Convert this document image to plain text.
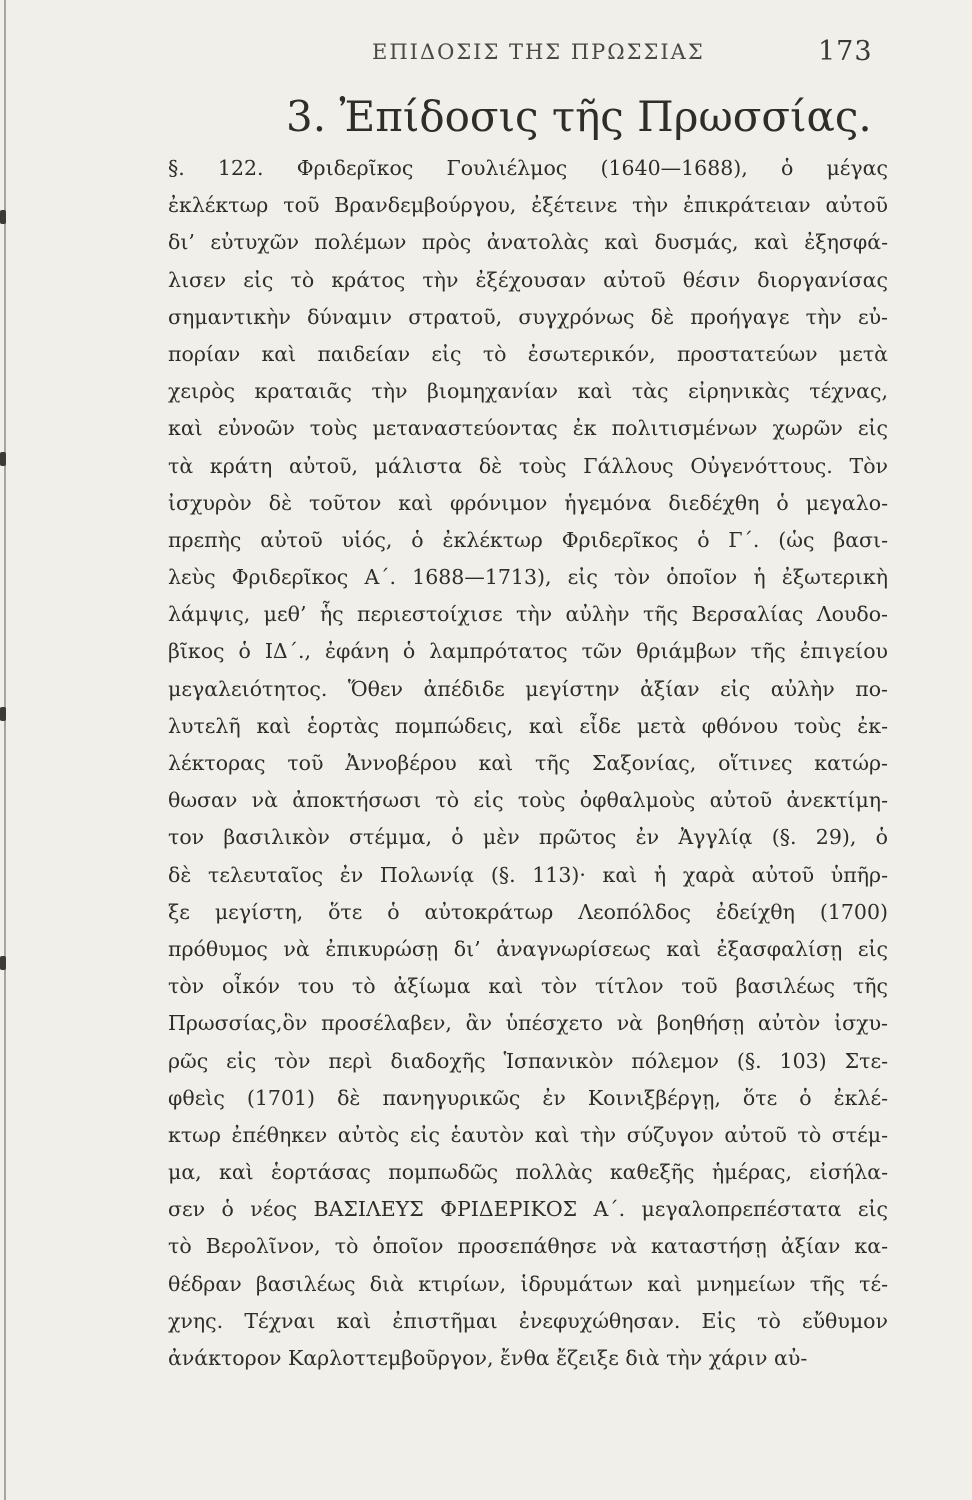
ΕΠΙΔΟΣΙΣ ΤΗΣ ΠΡΩΣΣΙΑΣ	173
3. Ἐπίδοσις τῆς Πρωσσίας.
§. 122. Φριδερῖκος Γουλιέλμος (1640—1688), ὁ μέγας
ἐκλέκτωρ τοῦ Βρανδεμβούργου, ἐξέτεινε τὴν ἐπικράτειαν αὐτοῦ
δι’ εὐτυχῶν πολέμων πρὸς ἀνατολὰς καὶ δυσμάς, καὶ ἐξησφά-
λισεν εἰς τὸ κράτος τὴν ἐξέχουσαν αὐτοῦ θέσιν διοργανίσας
σημαντικὴν δύναμιν στρατοῦ, συγχρόνως δὲ προήγαγε τὴν εὐ-
πορίαν καὶ παιδείαν εἰς τὸ ἐσωτερικόν, προστατεύων μετὰ
χειρὸς κραταιᾶς τὴν βιομηχανίαν καὶ τὰς εἰρηνικὰς τέχνας,
καὶ εὐνοῶν τοὺς μεταναστεύοντας ἐκ πολιτισμένων χωρῶν εἰς
τὰ κράτη αὐτοῦ, μάλιστα δὲ τοὺς Γάλλους Οὐγενόττους. Τὸν
ἰσχυρὸν δὲ τοῦτον καὶ φρόνιμον ἡγεμόνα διεδέχθη ὁ μεγαλο-
πρεπὴς αὐτοῦ υἱός, ὁ ἐκλέκτωρ Φριδερῖκος ὁ Γ΄. (ὡς βασι-
λεὺς Φριδερῖκος Α΄. 1688—1713), εἰς τὸν ὁποῖον ἡ ἐξωτερικὴ
λάμψις, μεθ’ ἧς περιεστοίχισε τὴν αὐλὴν τῆς Βερσαλίας Λουδο-
βῖκος ὁ ΙΔ΄., ἐφάνη ὁ λαμπρότατος τῶν θριάμβων τῆς ἐπιγείου
μεγαλειότητος. Ὅθεν ἀπέδιδε μεγίστην ἀξίαν εἰς αὐλὴν πο-
λυτελῆ καὶ ἑορτὰς πομπώδεις, καὶ εἶδε μετὰ φθόνου τοὺς ἐκ-
λέκτορας τοῦ Ἀννοβέρου καὶ τῆς Σαξονίας, οἵτινες κατώρ-
θωσαν νὰ ἀποκτήσωσι τὸ εἰς τοὺς ὀφθαλμοὺς αὐτοῦ ἀνεκτίμη-
τον βασιλικὸν στέμμα, ὁ μὲν πρῶτος ἐν Ἀγγλίᾳ (§. 29), ὁ
δὲ τελευταῖος ἐν Πολωνίᾳ (§. 113)· καὶ ἡ χαρὰ αὐτοῦ ὑπῆρ-
ξε μεγίστη, ὅτε ὁ αὐτοκράτωρ Λεοπόλδος ἐδείχθη (1700)
πρόθυμος νὰ ἐπικυρώσῃ δι’ ἀναγνωρίσεως καὶ ἐξασφαλίσῃ εἰς
τὸν οἶκόν του τὸ ἀξίωμα καὶ τὸν τίτλον τοῦ βασιλέως τῆς
Πρωσσίας,ὃν προσέλαβεν, ἂν ὑπέσχετο νὰ βοηθήσῃ αὐτὸν ἰσχυ-
ρῶς εἰς τὸν περὶ διαδοχῆς Ἱσπανικὸν πόλεμον (§. 103) Στε-
φθεὶς (1701) δὲ πανηγυρικῶς ἐν Κοινιξβέργῃ, ὅτε ὁ ἐκλέ-
κτωρ ἐπέθηκεν αὐτὸς εἰς ἑαυτὸν καὶ τὴν σύζυγον αὐτοῦ τὸ στέμ-
μα, καὶ ἑορτάσας πομπωδῶς πολλὰς καθεξῆς ἡμέρας, εἰσήλα-
σεν ὁ νέος ΒΑΣΙΛΕΥΣ ΦΡΙΔΕΡΙΚΟΣ Α΄. μεγαλοπρεπέστατα εἰς
τὸ Βερολῖνον, τὸ ὁποῖον προσεπάθησε νὰ καταστήσῃ ἀξίαν κα-
θέδραν βασιλέως διὰ κτιρίων, ἱδρυμάτων καὶ μνημείων τῆς τέ-
χνης. Τέχναι καὶ ἐπιστῆμαι ἐνεφυχώθησαν. Εἰς τὸ εὔθυμον
ἀνάκτορον Καρλοττεμβοῦργον, ἔνθα ἔζειξε διὰ τὴν χάριν αὐ-
